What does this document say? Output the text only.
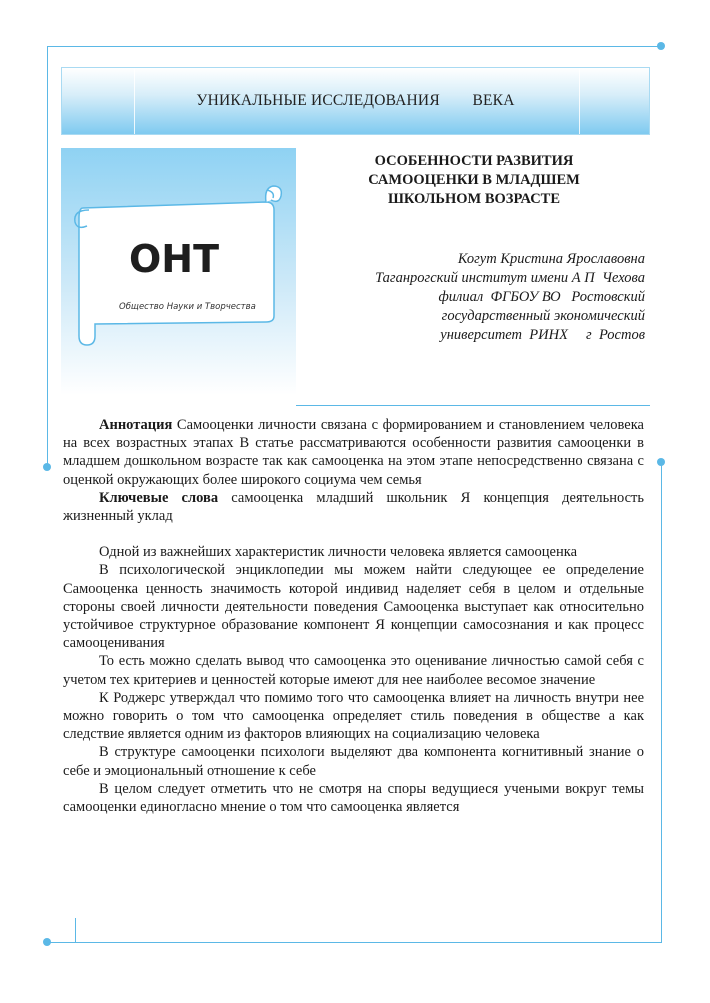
УНИКАЛЬНЫЕ ИССЛЕДОВАНИЯ        ВЕКА
ОНТ
Общество Науки и Творчества
ОСОБЕННОСТИ РАЗВИТИЯ
САМООЦЕНКИ В МЛАДШЕМ
ШКОЛЬНОМ ВОЗРАСТЕ
Когут Кристина Ярославовна
Таганрогский институт имени А П  Чехова
филиал  ФГБОУ ВО   Ростовский
государственный экономический
университет  РИНХ     г  Ростов

Аннотация Самооценки личности связана с формированием и становлением человека на всех возрастных этапах В статье рассматриваются особенности развития самооценки в младшем дошкольном возрасте так как самооценка на этом этапе непосредственно связана с оценкой окружающих более широкого социума чем семья

Ключевые слова самооценка младший школьник Я концепция деятельность жизненный уклад

Одной из важнейших характеристик личности человека является самооценка

В психологической энциклопедии мы можем найти следующее ее определение Самооценка ценность значимость которой индивид наделяет себя в целом и отдельные стороны своей личности деятельности поведения Самооценка выступает как относительно устойчивое структурное образование компонент Я концепции самосознания и как процесс самооценивания

То есть можно сделать вывод что самооценка это оценивание личностью самой себя с учетом тех критериев и ценностей которые имеют для нее наиболее весомое значение

К Роджерс утверждал что помимо того что самооценка влияет на личность внутри нее можно говорить о том что самооценка определяет стиль поведения в обществе а как следствие является одним из факторов влияющих на социализацию человека

В структуре самооценки психологи выделяют два компонента когнитивный знание о себе и эмоциональный отношение к себе

В целом следует отметить что не смотря на споры ведущиеся учеными вокруг темы самооценки единогласно мнение о том что самооценка является
